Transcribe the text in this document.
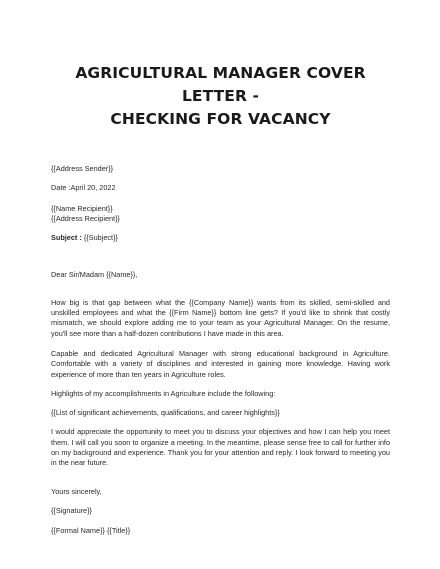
AGRICULTURAL MANAGER COVER LETTER -
CHECKING FOR VACANCY

{{Address Sender}}

Date :April 20, 2022

{{Name Recipient}}
{{Address Recipient}}

Subject : {{Subject}}

Dear Sir/Madam {{Name}},

How big is that gap between what the {{Company Name}} wants from its skilled, semi-skilled and unskilled employees and what the {{Firm Name}} bottom line gets? If you'd like to shrink that costly mismatch, we should explore adding me to your team as your Agricultural Manager. On the resume, you'll see more than a half-dozen contributions I have made in this area.

Capable and dedicated Agricultural Manager with strong educational background in Agriculture. Comfortable with a variety of disciplines and interested in gaining more knowledge. Having work experience of more than ten years in Agriculture roles.

Highlights of my accomplishments in Agriculture include the following:

{{List of significant achievements, qualifications, and career highlights}}

I would appreciate the opportunity to meet you to discuss your objectives and how I can help you meet them. I will call you soon to organize a meeting. In the meantime, please sense free to call for further info on my background and experience. Thank you for your attention and reply. I look forward to meeting you in the near future.

Yours sincerely,

{{Signature}}

{{Formal Name}} {{Title}}
